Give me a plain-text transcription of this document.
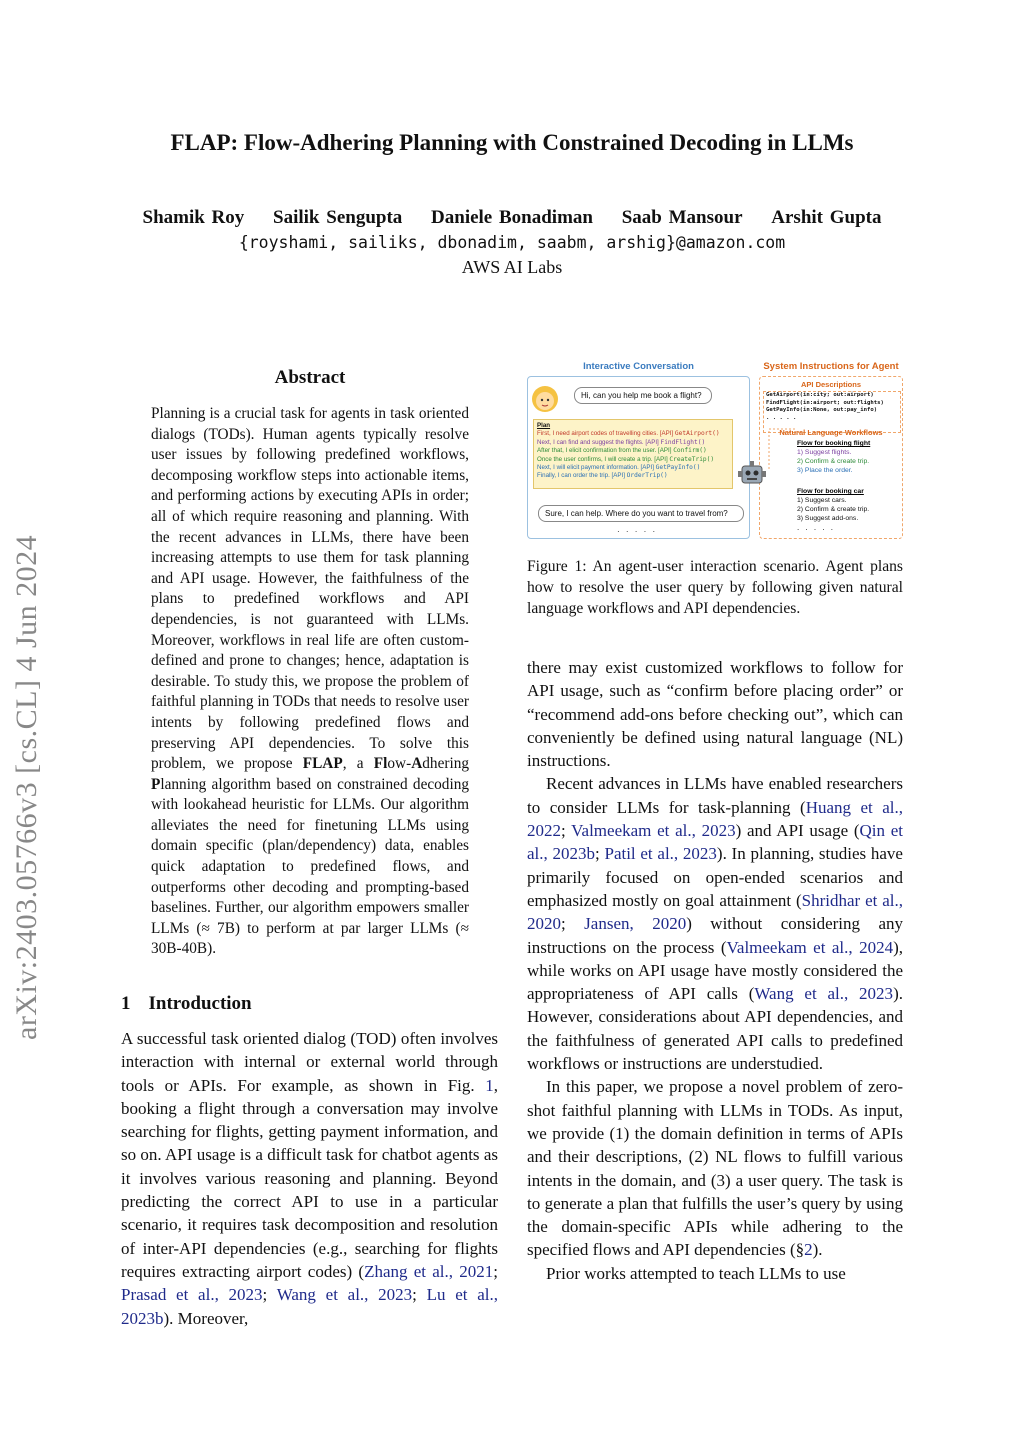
FLAP: Flow-Adhering Planning with Constrained Decoding in LLMs
Shamik Roy Sailik Sengupta Daniele Bonadiman Saab Mansour Arshit Gupta
{royshami, sailiks, dbonadim, saabm, arshig}@amazon.com
AWS AI Labs
arXiv:2403.05766v3 [cs.CL] 4 Jun 2024
Abstract
Planning is a crucial task for agents in task oriented dialogs (TODs). Human agents typically resolve user issues by following predefined workflows, decomposing workflow steps into actionable items, and performing actions by executing APIs in order; all of which require reasoning and planning. With the recent advances in LLMs, there have been increasing attempts to use them for task planning and API usage. However, the faithfulness of the plans to predefined workflows and API dependencies, is not guaranteed with LLMs. Moreover, workflows in real life are often custom-defined and prone to changes; hence, adaptation is desirable. To study this, we propose the problem of faithful planning in TODs that needs to resolve user intents by following predefined flows and preserving API dependencies. To solve this problem, we propose FLAP, a Flow-Adhering Planning algorithm based on constrained decoding with lookahead heuristic for LLMs. Our algorithm alleviates the need for finetuning LLMs using domain specific (plan/dependency) data, enables quick adaptation to predefined flows, and outperforms other decoding and prompting-based baselines. Further, our algorithm empowers smaller LLMs (≈ 7B) to perform at par larger LLMs (≈ 30B-40B).
1 Introduction
A successful task oriented dialog (TOD) often involves interaction with internal or external world through tools or APIs. For example, as shown in Fig. 1, booking a flight through a conversation may involve searching for flights, getting payment information, and so on. API usage is a difficult task for chatbot agents as it involves various reasoning and planning. Beyond predicting the correct API to use in a particular scenario, it requires task decomposition and resolution of inter-API dependencies (e.g., searching for flights requires extracting airport codes) (Zhang et al., 2021; Prasad et al., 2023; Wang et al., 2023; Lu et al., 2023b). Moreover,
Interactive Conversation	System Instructions for Agent
Hi, can you help me book a flight?
Plan
First, I need airport codes of travelling cities. [API] GetAirport()
Next, I can find and suggest the flights. [API] FindFlight()
After that, I elicit confirmation from the user. [API] Confirm()
Once the user confirms, I will create a trip. [API] CreateTrip()
Next, I will elicit payment information. [API] GetPayInfo()
Finally, I can order the trip. [API] OrderTrip()
Sure, I can help. Where do you want to travel from?
· · · · ·
API Descriptions
GetAirport(in:city; out:airport)
FindFlight(in:airport; out:flights)
GetPayInfo(in:None, out:pay_info)
. . . . .
Natural Language Workflows
Flow for booking flight
1) Suggest flights.
2) Confirm & create trip.
3) Place the order.
Flow for booking car
1) Suggest cars.
2) Confirm & create trip.
3) Suggest add-ons.
. . . . .
Figure 1: An agent-user interaction scenario. Agent plans how to resolve the user query by following given natural language workflows and API dependencies.

there may exist customized workflows to follow for API usage, such as “confirm before placing order” or “recommend add-ons before checking out”, which can conveniently be defined using natural language (NL) instructions.

Recent advances in LLMs have enabled researchers to consider LLMs for task-planning (Huang et al., 2022; Valmeekam et al., 2023) and API usage (Qin et al., 2023b; Patil et al., 2023). In planning, studies have primarily focused on open-ended scenarios and emphasized mostly on goal attainment (Shridhar et al., 2020; Jansen, 2020) without considering any instructions on the process (Valmeekam et al., 2024), while works on API usage have mostly considered the appropriateness of API calls (Wang et al., 2023). However, considerations about API dependencies, and the faithfulness of generated API calls to predefined workflows or instructions are understudied.

In this paper, we propose a novel problem of zero-shot faithful planning with LLMs in TODs. As input, we provide (1) the domain definition in terms of APIs and their descriptions, (2) NL flows to fulfill various intents in the domain, and (3) a user query. The task is to generate a plan that fulfills the user’s query by using the domain-specific APIs while adhering to the specified flows and API dependencies (§2).

Prior works attempted to teach LLMs to use
